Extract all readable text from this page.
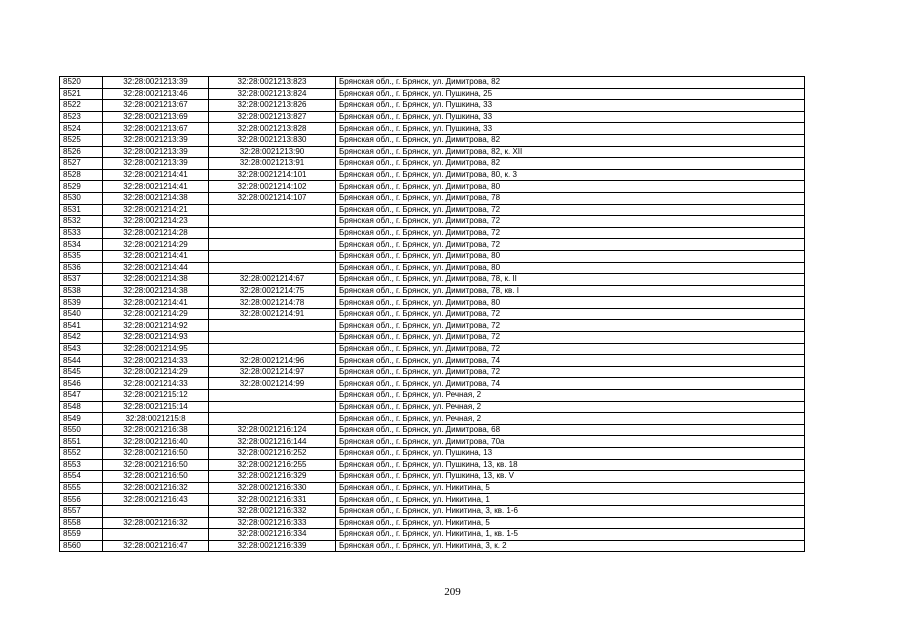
8520	32:28:0021213:39	32:28:0021213:823	Брянская обл., г. Брянск, ул. Димитрова, 82
8521	32:28:0021213:46	32:28:0021213:824	Брянская обл., г. Брянск, ул. Пушкина, 25
8522	32:28:0021213:67	32:28:0021213:826	Брянская обл., г. Брянск, ул. Пушкина, 33
8523	32:28:0021213:69	32:28:0021213:827	Брянская обл., г. Брянск, ул. Пушкина, 33
8524	32:28:0021213:67	32:28:0021213:828	Брянская обл., г. Брянск, ул. Пушкина, 33
8525	32:28:0021213:39	32:28:0021213:830	Брянская обл., г. Брянск, ул. Димитрова, 82
8526	32:28:0021213:39	32:28:0021213:90	Брянская обл., г. Брянск, ул. Димитрова, 82, к. XII
8527	32:28:0021213:39	32:28:0021213:91	Брянская обл., г. Брянск, ул. Димитрова, 82
8528	32:28:0021214:41	32:28:0021214:101	Брянская обл., г. Брянск, ул. Димитрова, 80, к. 3
8529	32:28:0021214:41	32:28:0021214:102	Брянская обл., г. Брянск, ул. Димитрова, 80
8530	32:28:0021214:38	32:28:0021214:107	Брянская обл., г. Брянск, ул. Димитрова, 78
8531	32:28:0021214:21		Брянская обл., г. Брянск, ул. Димитрова, 72
8532	32:28:0021214:23		Брянская обл., г. Брянск, ул. Димитрова, 72
8533	32:28:0021214:28		Брянская обл., г. Брянск, ул. Димитрова, 72
8534	32:28:0021214:29		Брянская обл., г. Брянск, ул. Димитрова, 72
8535	32:28:0021214:41		Брянская обл., г. Брянск, ул. Димитрова, 80
8536	32:28:0021214:44		Брянская обл., г. Брянск, ул. Димитрова, 80
8537	32:28:0021214:38	32:28:0021214:67	Брянская обл., г. Брянск, ул. Димитрова, 78, к. II
8538	32:28:0021214:38	32:28:0021214:75	Брянская обл., г. Брянск, ул. Димитрова, 78, кв. I
8539	32:28:0021214:41	32:28:0021214:78	Брянская обл., г. Брянск, ул. Димитрова, 80
8540	32:28:0021214:29	32:28:0021214:91	Брянская обл., г. Брянск, ул. Димитрова, 72
8541	32:28:0021214:92		Брянская обл., г. Брянск, ул. Димитрова, 72
8542	32:28:0021214:93		Брянская обл., г. Брянск, ул. Димитрова, 72
8543	32:28:0021214:95		Брянская обл., г. Брянск, ул. Димитрова, 72
8544	32:28:0021214:33	32:28:0021214:96	Брянская обл., г. Брянск, ул. Димитрова, 74
8545	32:28:0021214:29	32:28:0021214:97	Брянская обл., г. Брянск, ул. Димитрова, 72
8546	32:28:0021214:33	32:28:0021214:99	Брянская обл., г. Брянск, ул. Димитрова, 74
8547	32:28:0021215:12		Брянская обл., г. Брянск, ул. Речная, 2
8548	32:28:0021215:14		Брянская обл., г. Брянск, ул. Речная, 2
8549	32:28:0021215:8		Брянская обл., г. Брянск, ул. Речная, 2
8550	32:28:0021216:38	32:28:0021216:124	Брянская обл., г. Брянск, ул. Димитрова, 68
8551	32:28:0021216:40	32:28:0021216:144	Брянская обл., г. Брянск, ул. Димитрова, 70а
8552	32:28:0021216:50	32:28:0021216:252	Брянская обл., г. Брянск, ул. Пушкина, 13
8553	32:28:0021216:50	32:28:0021216:255	Брянская обл., г. Брянск, ул. Пушкина, 13, кв. 18
8554	32:28:0021216:50	32:28:0021216:329	Брянская обл., г. Брянск, ул. Пушкина, 13, кв. V
8555	32:28:0021216:32	32:28:0021216:330	Брянская обл., г. Брянск, ул. Никитина, 5
8556	32:28:0021216:43	32:28:0021216:331	Брянская обл., г. Брянск, ул. Никитина, 1
8557		32:28:0021216:332	Брянская обл., г. Брянск, ул. Никитина, 3, кв. 1-6
8558	32:28:0021216:32	32:28:0021216:333	Брянская обл., г. Брянск, ул. Никитина, 5
8559		32:28:0021216:334	Брянская обл., г. Брянск, ул. Никитина, 1, кв. 1-5
8560	32:28:0021216:47	32:28:0021216:339	Брянская обл., г. Брянск, ул. Никитина, 3, к. 2
209
